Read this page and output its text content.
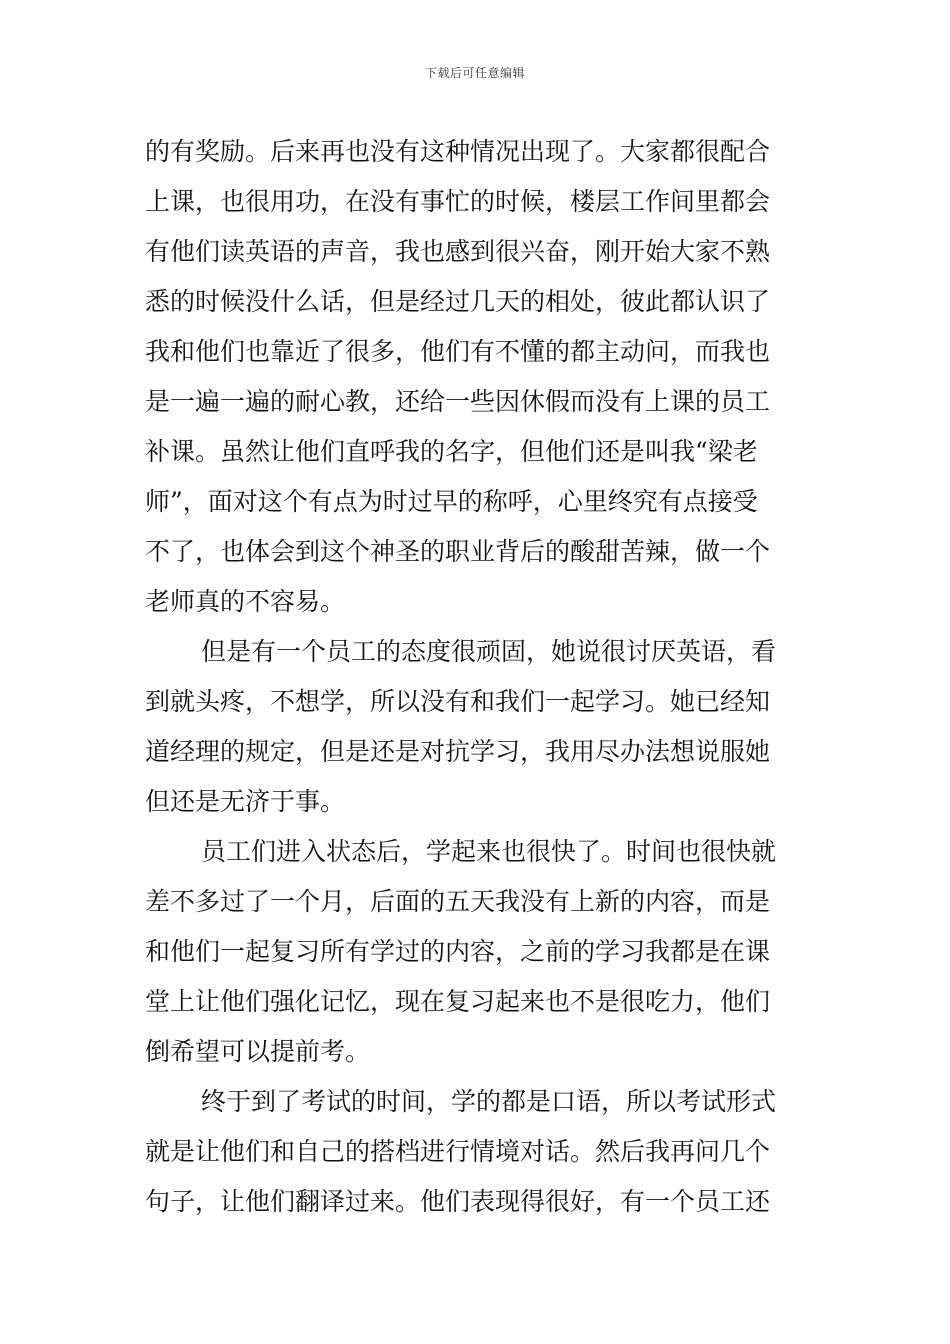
下载后可任意编辑
的有奖励。后来再也没有这种情况出现了。大家都很配合
上课，也很用功，在没有事忙的时候，楼层工作间里都会
有他们读英语的声音，我也感到很兴奋，刚开始大家不熟
悉的时候没什么话，但是经过几天的相处，彼此都认识了
我和他们也靠近了很多，他们有不懂的都主动问，而我也
是一遍一遍的耐心教，还给一些因休假而没有上课的员工
补课。虽然让他们直呼我的名字，但他们还是叫我“梁老
师”，面对这个有点为时过早的称呼，心里终究有点接受
不了，也体会到这个神圣的职业背后的酸甜苦辣，做一个
老师真的不容易。
但是有一个员工的态度很顽固，她说很讨厌英语，看
到就头疼，不想学，所以没有和我们一起学习。她已经知
道经理的规定，但是还是对抗学习，我用尽办法想说服她
但还是无济于事。
员工们进入状态后，学起来也很快了。时间也很快就
差不多过了一个月，后面的五天我没有上新的内容，而是
和他们一起复习所有学过的内容，之前的学习我都是在课
堂上让他们强化记忆，现在复习起来也不是很吃力，他们
倒希望可以提前考。
终于到了考试的时间，学的都是口语，所以考试形式
就是让他们和自己的搭档进行情境对话。然后我再问几个
句子，让他们翻译过来。他们表现得很好，有一个员工还
